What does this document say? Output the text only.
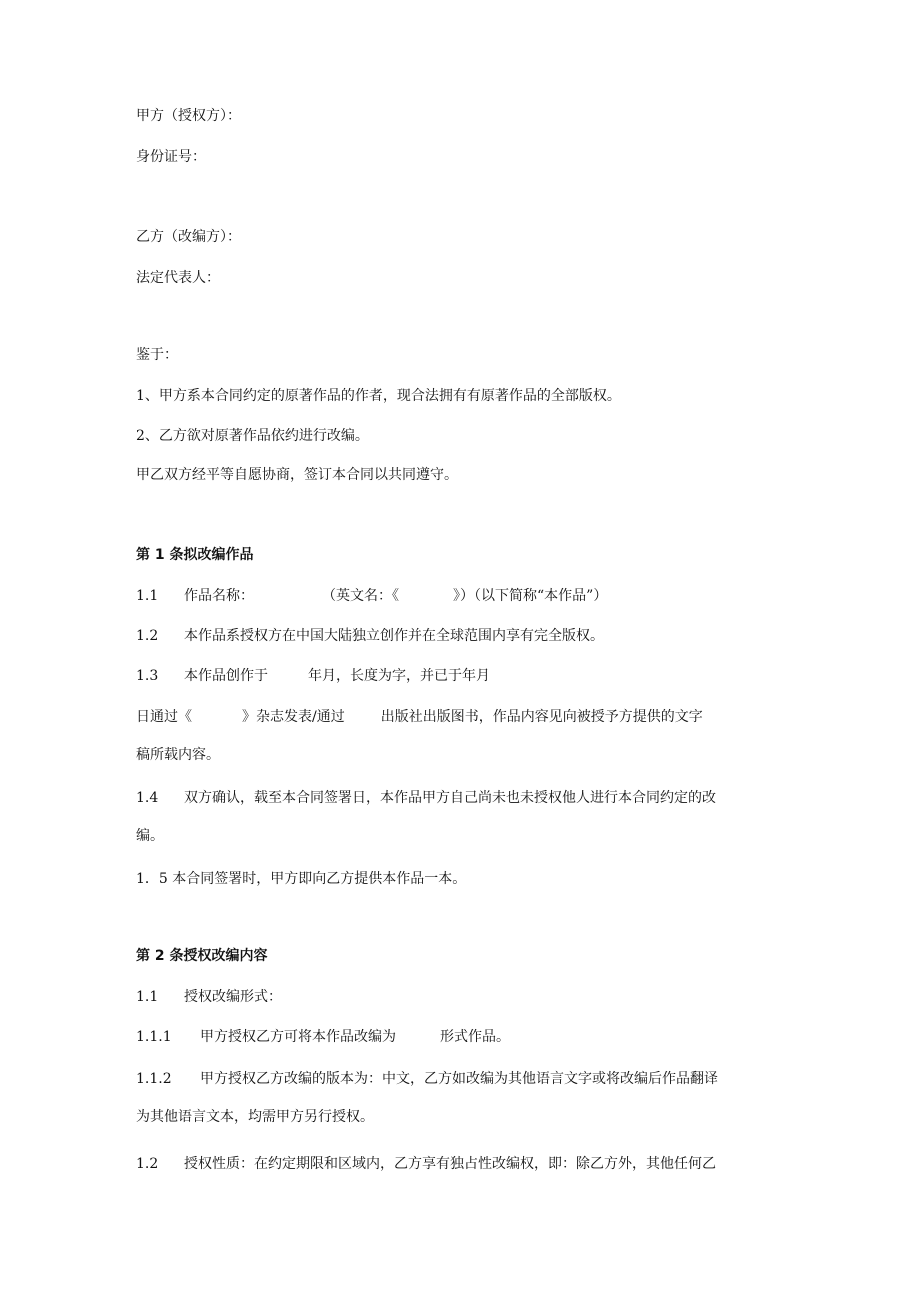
甲方（授权方）：
身份证号：
乙方（改编方）：
法定代表人：
鉴于：
1、甲方系本合同约定的原著作品的作者，现合法拥有有原著作品的全部版权。
2、乙方欲对原著作品依约进行改编。
甲乙双方经平等自愿协商，签订本合同以共同遵守。
第 1 条拟改编作品
1.1 作品名称：	（英文名：《	》）（以下简称“本作品”）
1.2 本作品系授权方在中国大陆独立创作并在全球范围内享有完全版权。
1.3 本作品创作于	年月，长度为字，并已于年月
日通过《	》杂志发表/通过	出版社出版图书，作品内容见向被授予方提供的文字
稿所载内容。
1.4 双方确认，载至本合同签署日，本作品甲方自己尚未也未授权他人进行本合同约定的改
编。
1．5 本合同签署时，甲方即向乙方提供本作品一本。
第 2 条授权改编内容
1.1 授权改编形式：
1.1.1 甲方授权乙方可将本作品改编为	形式作品。
1.1.2 甲方授权乙方改编的版本为：中文，乙方如改编为其他语言文字或将改编后作品翻译
为其他语言文本，均需甲方另行授权。
1.2 授权性质：在约定期限和区域内，乙方享有独占性改编权，即：除乙方外，其他任何乙
